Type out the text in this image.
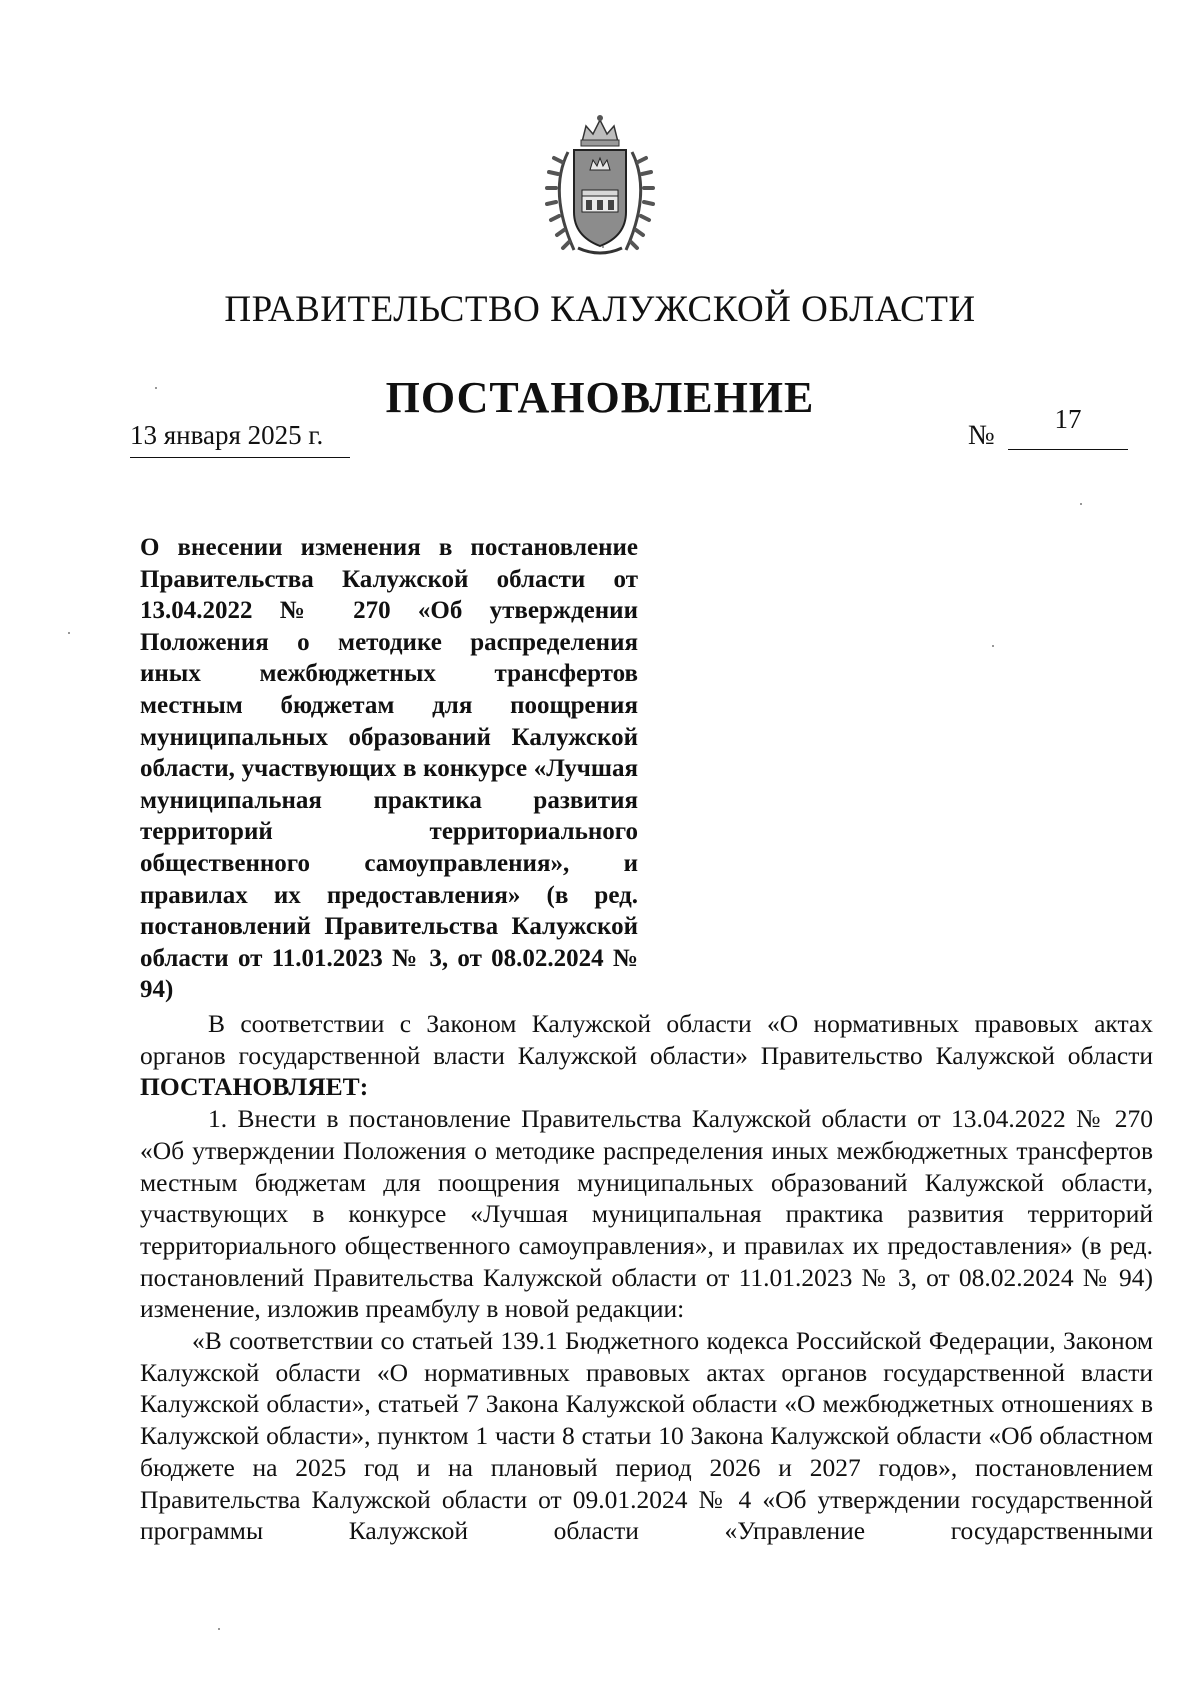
ПРАВИТЕЛЬСТВО КАЛУЖСКОЙ ОБЛАСТИ
ПОСТАНОВЛЕНИЕ
13 января 2025 г.	№
17
О внесении изменения в постановление Правительства Калужской области от 13.04.2022 № 270 «Об утверждении Положения о методике распределения иных межбюджетных трансфертов местным бюджетам для поощрения муниципальных образований Калужской области, участвующих в конкурсе «Лучшая муниципальная практика развития территорий территориального общественного самоуправления», и правилах их предоставления» (в ред. постановлений Правительства Калужской области от 11.01.2023 № 3, от 08.02.2024 № 94)

В соответствии с Законом Калужской области «О нормативных правовых актах органов государственной власти Калужской области» Правительство Калужской области ПОСТАНОВЛЯЕТ:

1. Внести в постановление Правительства Калужской области от 13.04.2022 № 270 «Об утверждении Положения о методике распределения иных межбюджетных трансфертов местным бюджетам для поощрения муниципальных образований Калужской области, участвующих в конкурсе «Лучшая муниципальная практика развития территорий территориального общественного самоуправления», и правилах их предоставления» (в ред. постановлений Правительства Калужской области от 11.01.2023 № 3, от 08.02.2024 № 94) изменение, изложив преамбулу в новой редакции:

«В соответствии со статьей 139.1 Бюджетного кодекса Российской Федерации, Законом Калужской области «О нормативных правовых актах органов государственной власти Калужской области», статьей 7 Закона Калужской области «О межбюджетных отношениях в Калужской области», пунктом 1 части 8 статьи 10 Закона Калужской области «Об областном бюджете на 2025 год и на плановый период 2026 и 2027 годов», постановлением Правительства Калужской области от 09.01.2024 № 4 «Об утверждении государственной программы Калужской области «Управление государственными
